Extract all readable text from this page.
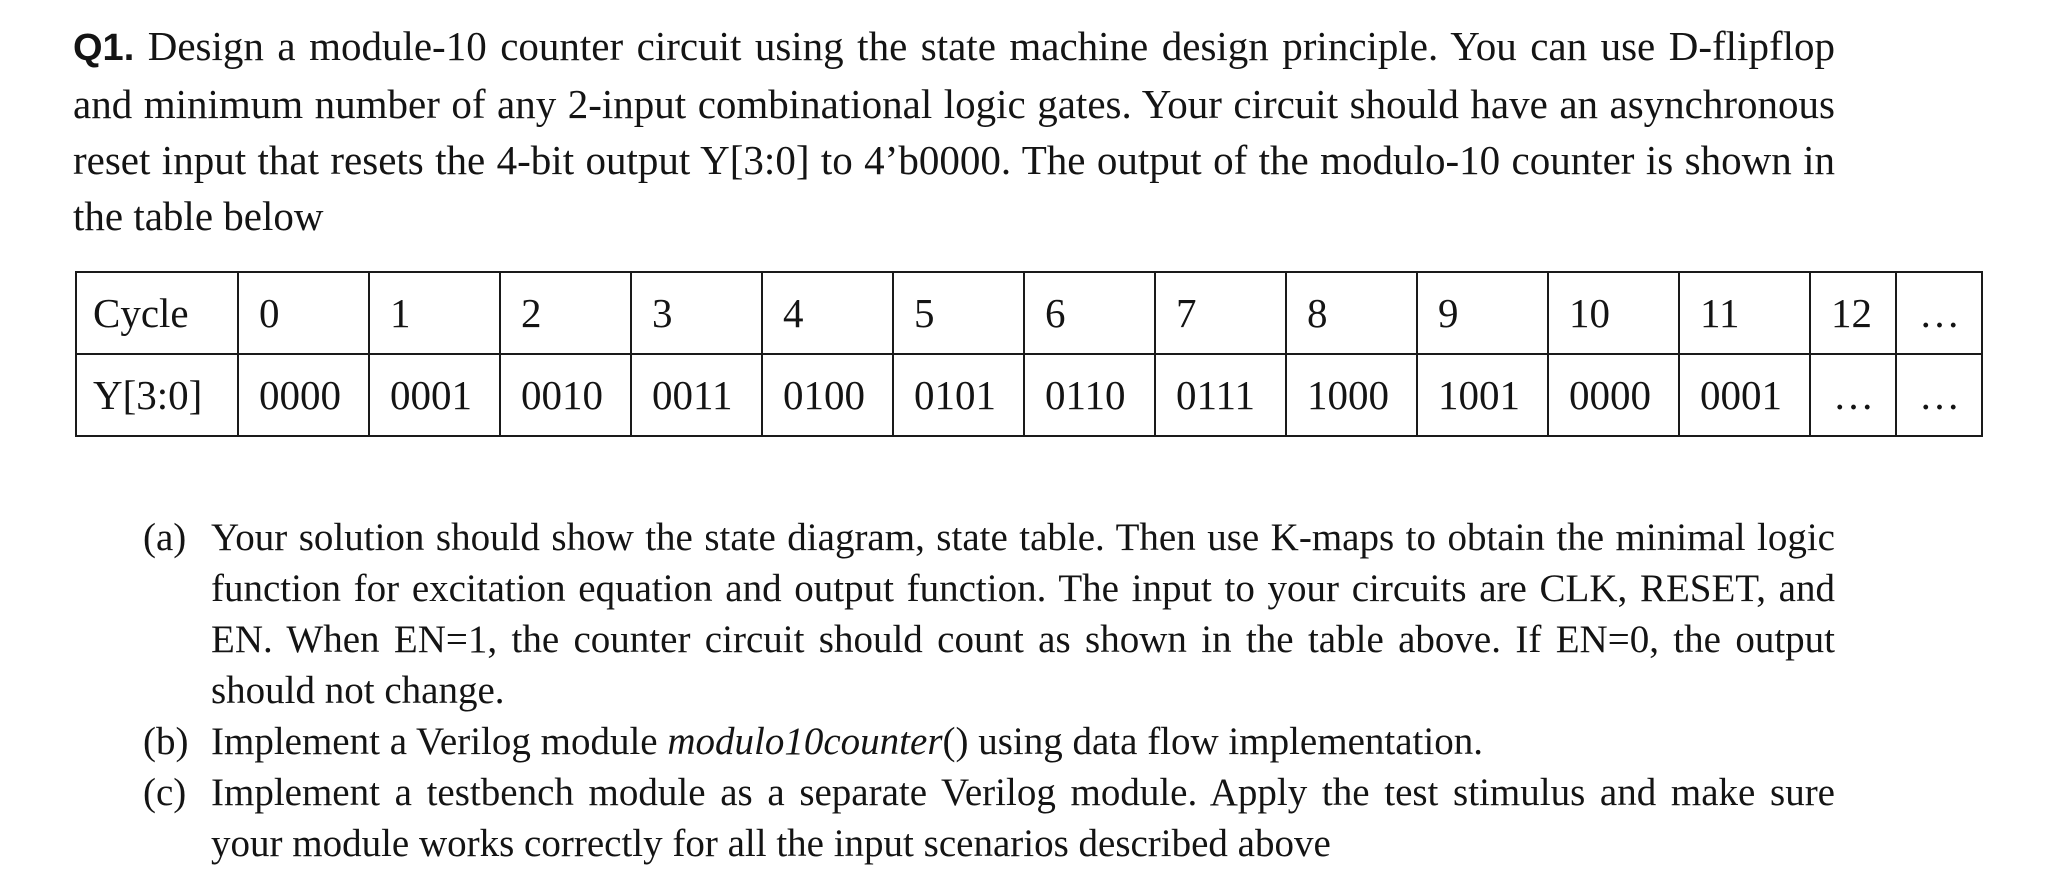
Q1. Design a module-10 counter circuit using the state machine design principle. You can use D-flipflop and minimum number of any 2-input combinational logic gates. Your circuit should have an asynchronous reset input that resets the 4-bit output Y[3:0] to 4’b0000. The output of the modulo-10 counter is shown in the table below

Cycle	0	1	2	3	4	5	6	7	8	9	10	11	12	…
Y[3:0]	0000	0001	0010	0011	0100	0101	0110	0111	1000	1001	0000	0001	…	…
(a) Your solution should show the state diagram, state table. Then use K-maps to obtain the minimal logic function for excitation equation and output function. The input to your circuits are CLK, RESET, and EN. When EN=1, the counter circuit should count as shown in the table above. If EN=0, the output should not change.
(b) Implement a Verilog module modulo10counter() using data flow implementation.
(c) Implement a testbench module as a separate Verilog module. Apply the test stimulus and make sure your module works correctly for all the input scenarios described above
